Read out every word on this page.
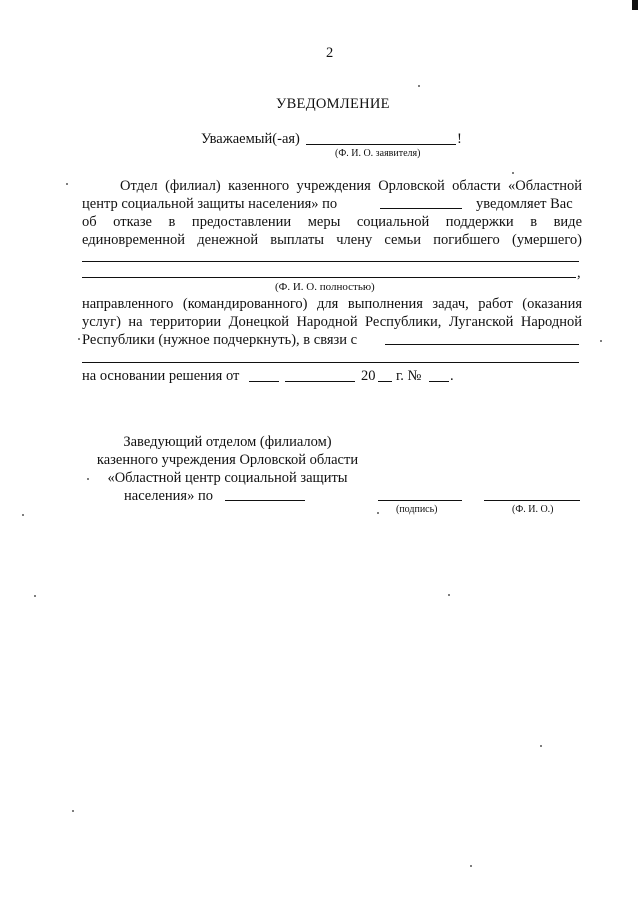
2
УВЕДОМЛЕНИЕ
Уважаемый(-ая)	!
(Ф. И. О. заявителя)
Отдел (филиал) казенного учреждения Орловской области «Областной
центр социальной защиты населения» по	уведомляет Вас
об отказе в предоставлении меры социальной поддержки в виде
единовременной денежной выплаты члену семьи погибшего (умершего)
,
(Ф. И. О. полностью)
направленного (командированного) для выполнения задач, работ (оказания
услуг) на территории Донецкой Народной Республики, Луганской Народной
Республики (нужное подчеркнуть), в связи с
на основании решения от	20 г. № .
Заведующий отделом (филиалом)
казенного учреждения Орловской области
«Областной центр социальной защиты
населения» по
(подпись)	(Ф. И. О.)
